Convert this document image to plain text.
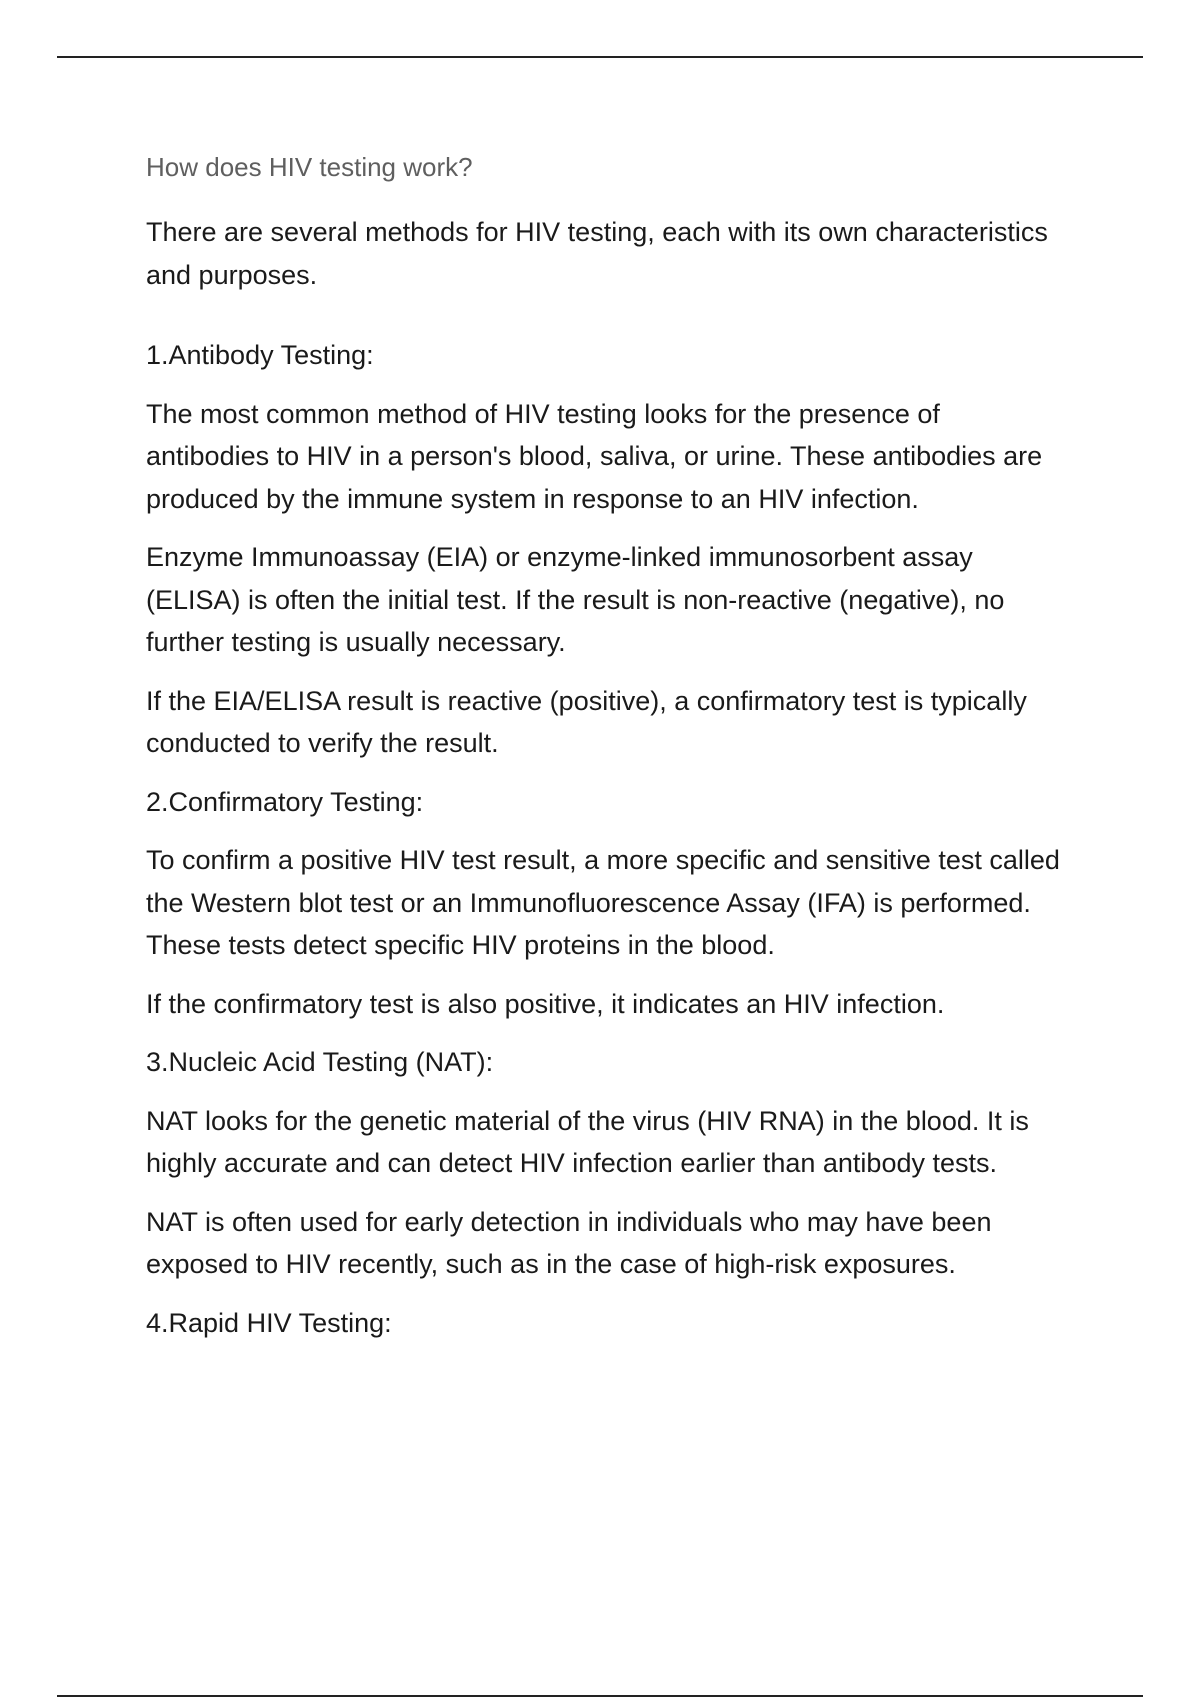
How does HIV testing work?

There are several methods for HIV testing, each with its own characteristics and purposes.

1.Antibody Testing:

The most common method of HIV testing looks for the presence of antibodies to HIV in a person's blood, saliva, or urine. These antibodies are produced by the immune system in response to an HIV infection.

Enzyme Immunoassay (EIA) or enzyme-linked immunosorbent assay (ELISA) is often the initial test. If the result is non-reactive (negative), no further testing is usually necessary.

If the EIA/ELISA result is reactive (positive), a confirmatory test is typically conducted to verify the result.

2.Confirmatory Testing:

To confirm a positive HIV test result, a more specific and sensitive test called the Western blot test or an Immunofluorescence Assay (IFA) is performed. These tests detect specific HIV proteins in the blood.

If the confirmatory test is also positive, it indicates an HIV infection.

3.Nucleic Acid Testing (NAT):

NAT looks for the genetic material of the virus (HIV RNA) in the blood. It is highly accurate and can detect HIV infection earlier than antibody tests.

NAT is often used for early detection in individuals who may have been exposed to HIV recently, such as in the case of high-risk exposures.

4.Rapid HIV Testing:
